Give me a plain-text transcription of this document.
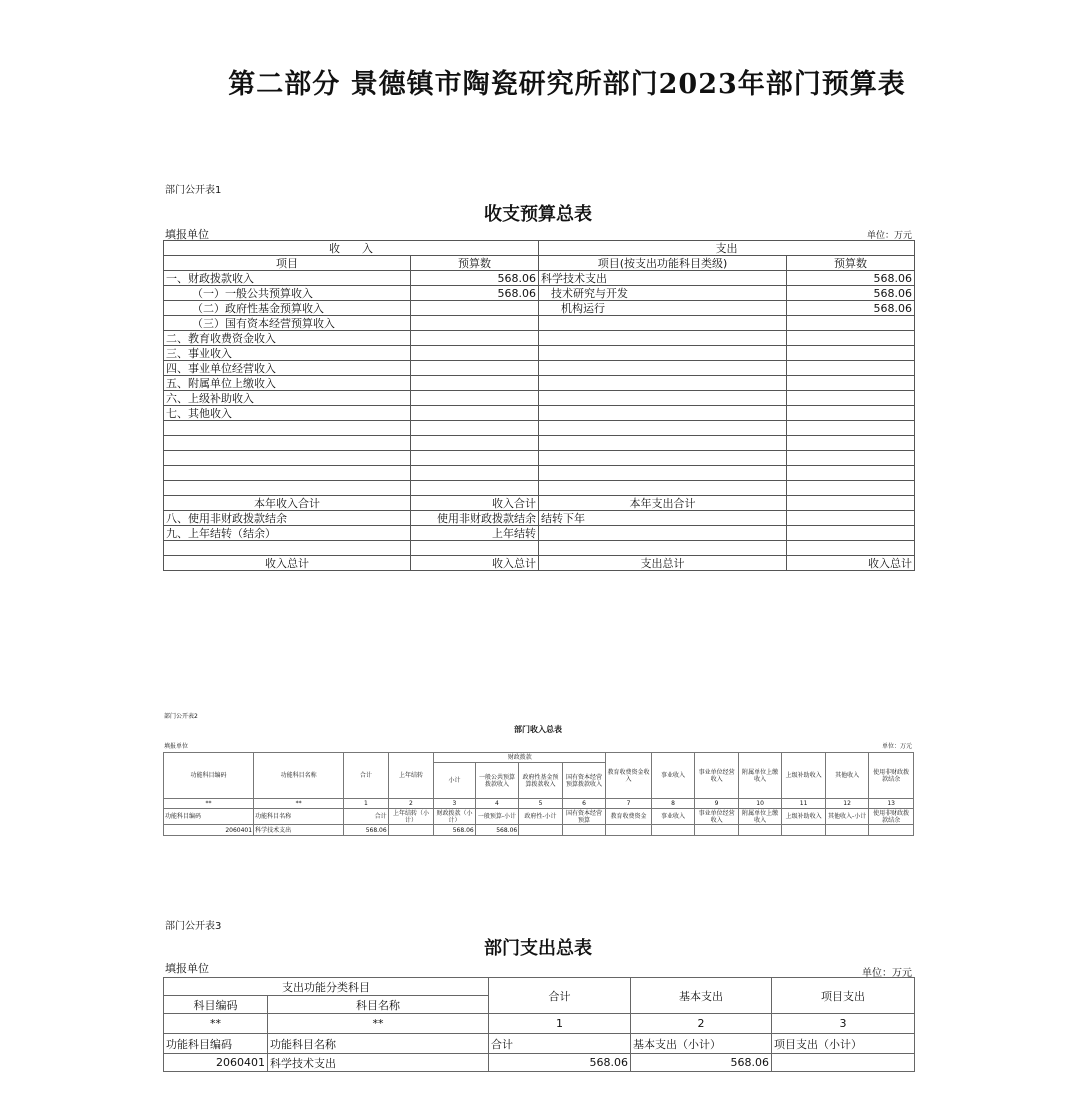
第二部分 景德镇市陶瓷研究所部门2023年部门预算表
部门公开表1
收支预算总表
填报单位	单位：万元
收　　入		支出	
项目	预算数	项目(按支出功能科目类级)	预算数
一、财政拨款收入	568.06	科学技术支出	568.06
（一）一般公共预算收入	568.06	技术研究与开发	568.06
（二）政府性基金预算收入		机构运行	568.06
（三）国有资本经营预算收入			
二、教育收费资金收入			
三、事业收入			
四、事业单位经营收入			
五、附属单位上缴收入			
六、上级补助收入			
七、其他收入			

本年收入合计	收入合计	本年支出合计	
八、使用非财政拨款结余	使用非财政拨款结余	结转下年	
九、上年结转（结余）	上年结转		

收入总计	收入总计	支出总计	收入总计
部门公开表2
部门收入总表
填报单位	单位：万元
功能科目编码	功能科目名称	合计	上年结转	财政拨款				教育收费资金收入	事业收入	事业单位经营收入	附属单位上缴收入	上级补助收入	其他收入	使用非财政拨款结余
				小计	一般公共预算拨款收入	政府性基金预算拨款收入	国有资本经营预算拨款收入							
**	**	1	2	3	4	5	6	7	8	9	10	11	12	13
功能科目编码	功能科目名称	合计	上年结转（小计）	财政拨款（小计）	一般预算-小计	政府性-小计	国有资本经营预算	教育收费资金	事业收入	事业单位经营收入	附属单位上缴收入	上级补助收入	其他收入-小计	使用非财政拨款结余
2060401	科学技术支出	568.06		568.06	568.06									
部门公开表3
部门支出总表
填报单位	单位：万元
支出功能分类科目		合计	基本支出	项目支出
科目编码	科目名称			
**	**	1	2	3
功能科目编码	功能科目名称	合计	基本支出（小计）	项目支出（小计）
2060401	科学技术支出	568.06	568.06	
